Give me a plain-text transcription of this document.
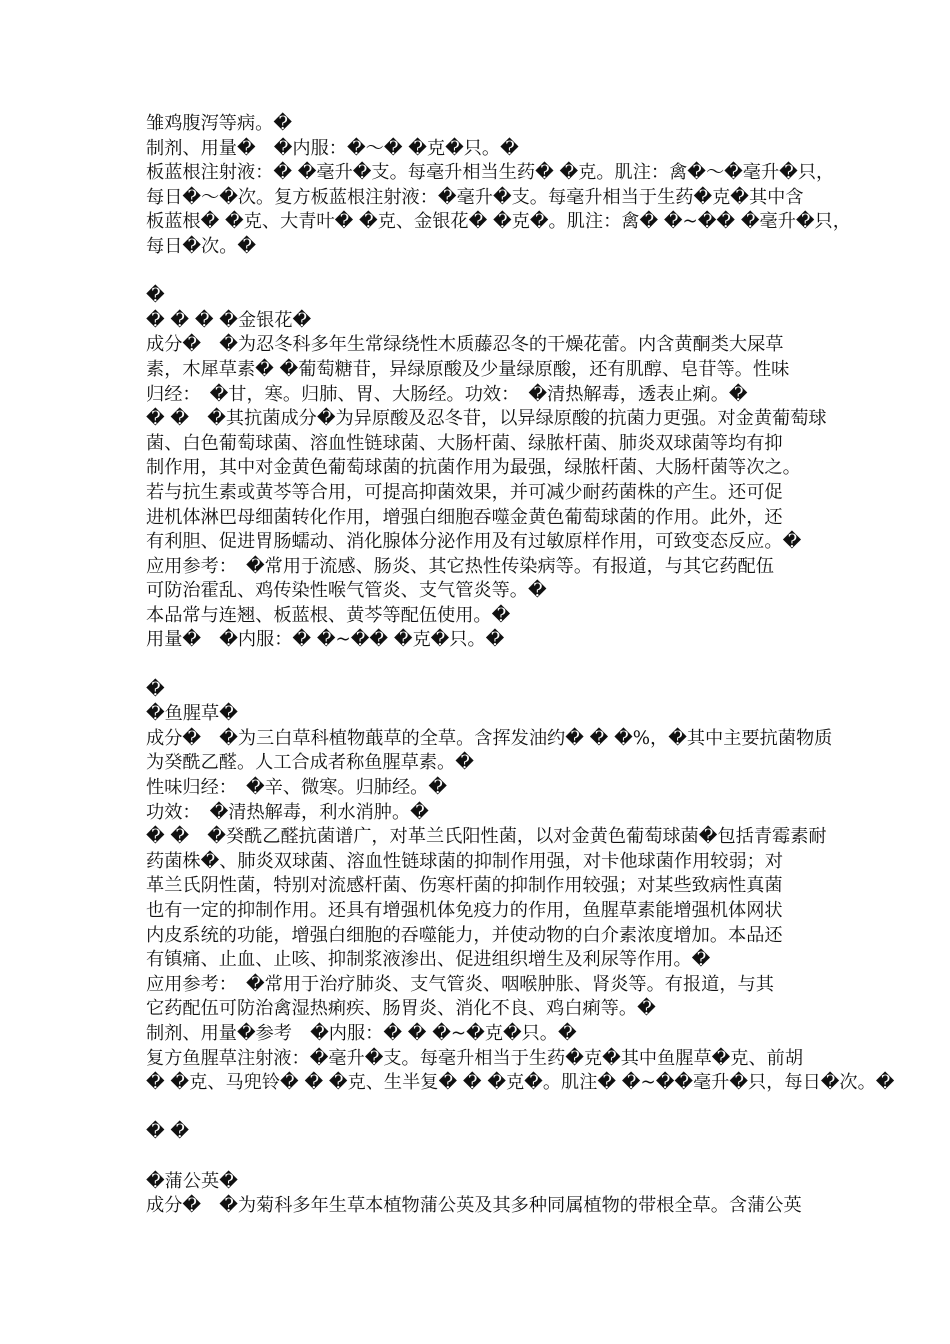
雏鸡腹泻等病。�
制剂、用量�　�内服：�～� �克�只。�
板蓝根注射液：� �毫升�支。每毫升相当生药� �克。肌注：禽�～�毫升�只，
每日�～�次。复方板蓝根注射液：�毫升�支。每毫升相当于生药�克�其中含
板蓝根� �克、大青叶� �克、金银花� �克�。肌注：禽� �~�� �毫升�只，
每日�次。�
�
� � � �金银花�
成分�　�为忍冬科多年生常绿绕性木质藤忍冬的干燥花蕾。内含黄酮类大屎草
素，木犀草素� �葡萄糖苷，异绿原酸及少量绿原酸，还有肌醇、皂苷等。性味
归经：　�甘，寒。归肺、胃、大肠经。功效：　�清热解毒，透表止痢。�
� �　�其抗菌成分�为异原酸及忍冬苷，以异绿原酸的抗菌力更强。对金黄葡萄球
菌、白色葡萄球菌、溶血性链球菌、大肠杆菌、绿脓杆菌、肺炎双球菌等均有抑
制作用，其中对金黄色葡萄球菌的抗菌作用为最强，绿脓杆菌、大肠杆菌等次之。
若与抗生素或黄芩等合用，可提高抑菌效果，并可减少耐药菌株的产生。还可促
进机体淋巴母细菌转化作用，增强白细胞吞噬金黄色葡萄球菌的作用。此外，还
有利胆、促进胃肠蠕动、消化腺体分泌作用及有过敏原样作用，可致变态反应。�
应用参考：　�常用于流感、肠炎、其它热性传染病等。有报道，与其它药配伍
可防治霍乱、鸡传染性喉气管炎、支气管炎等。�
本品常与连翘、板蓝根、黄芩等配伍使用。�
用量�　�内服：� �~�� �克�只。�
�
�鱼腥草�
成分�　�为三白草科植物蕺草的全草。含挥发油约� � �%，�其中主要抗菌物质
为癸酰乙醛。人工合成者称鱼腥草素。�
性味归经：　�辛、微寒。归肺经。�
功效：　�清热解毒，利水消肿。�
� �　�癸酰乙醛抗菌谱广，对革兰氏阳性菌，以对金黄色葡萄球菌�包括青霉素耐
药菌株�、肺炎双球菌、溶血性链球菌的抑制作用强，对卡他球菌作用较弱；对
革兰氏阴性菌，特别对流感杆菌、伤寒杆菌的抑制作用较强；对某些致病性真菌
也有一定的抑制作用。还具有增强机体免疫力的作用，鱼腥草素能增强机体网状
内皮系统的功能，增强白细胞的吞噬能力，并使动物的白介素浓度增加。本品还
有镇痛、止血、止咳、抑制浆液渗出、促进组织增生及利尿等作用。�
应用参考：　�常用于治疗肺炎、支气管炎、咽喉肿胀、肾炎等。有报道，与其
它药配伍可防治禽湿热痢疾、肠胃炎、消化不良、鸡白痢等。�
制剂、用量�参考　�内服：� � �~�克�只。�
复方鱼腥草注射液：�毫升�支。每毫升相当于生药�克�其中鱼腥草�克、前胡
� �克、马兜铃� � �克、生半复� � �克�。肌注� �~��毫升�只，每日�次。�
� �
�蒲公英�
成分�　�为菊科多年生草本植物蒲公英及其多种同属植物的带根全草。含蒲公英
